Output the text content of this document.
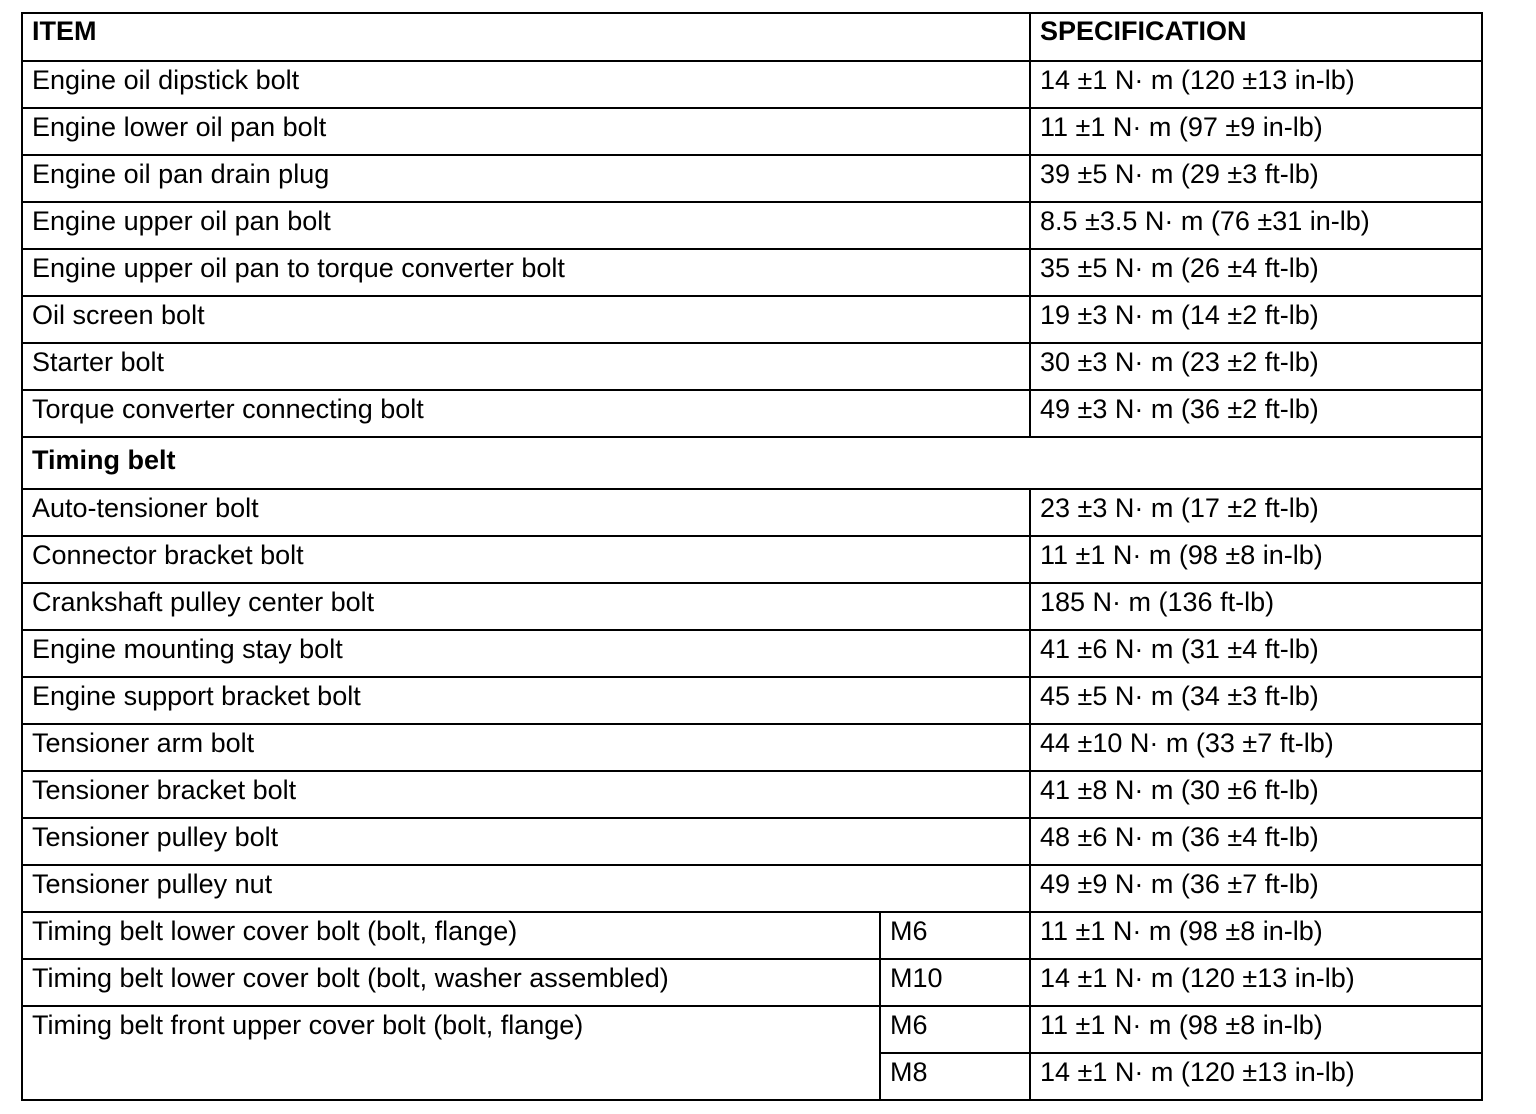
ITEM		SPECIFICATION
Engine oil dipstick bolt		14 ±1 N· m (120 ±13 in-lb)
Engine lower oil pan bolt		11 ±1 N· m (97 ±9 in-lb)
Engine oil pan drain plug		39 ±5 N· m (29 ±3 ft-lb)
Engine upper oil pan bolt		8.5 ±3.5 N· m (76 ±31 in-lb)
Engine upper oil pan to torque converter bolt		35 ±5 N· m (26 ±4 ft-lb)
Oil screen bolt		19 ±3 N· m (14 ±2 ft-lb)
Starter bolt		30 ±3 N· m (23 ±2 ft-lb)
Torque converter connecting bolt		49 ±3 N· m (36 ±2 ft-lb)
Timing belt		
Auto-tensioner bolt		23 ±3 N· m (17 ±2 ft-lb)
Connector bracket bolt		11 ±1 N· m (98 ±8 in-lb)
Crankshaft pulley center bolt		185 N· m (136 ft-lb)
Engine mounting stay bolt		41 ±6 N· m (31 ±4 ft-lb)
Engine support bracket bolt		45 ±5 N· m (34 ±3 ft-lb)
Tensioner arm bolt		44 ±10 N· m (33 ±7 ft-lb)
Tensioner bracket bolt		41 ±8 N· m (30 ±6 ft-lb)
Tensioner pulley bolt		48 ±6 N· m (36 ±4 ft-lb)
Tensioner pulley nut		49 ±9 N· m (36 ±7 ft-lb)
Timing belt lower cover bolt (bolt, flange)	M6	11 ±1 N· m (98 ±8 in-lb)
Timing belt lower cover bolt (bolt, washer assembled)	M10	14 ±1 N· m (120 ±13 in-lb)
Timing belt front upper cover bolt (bolt, flange)	M6	11 ±1 N· m (98 ±8 in-lb)
	M8	14 ±1 N· m (120 ±13 in-lb)
